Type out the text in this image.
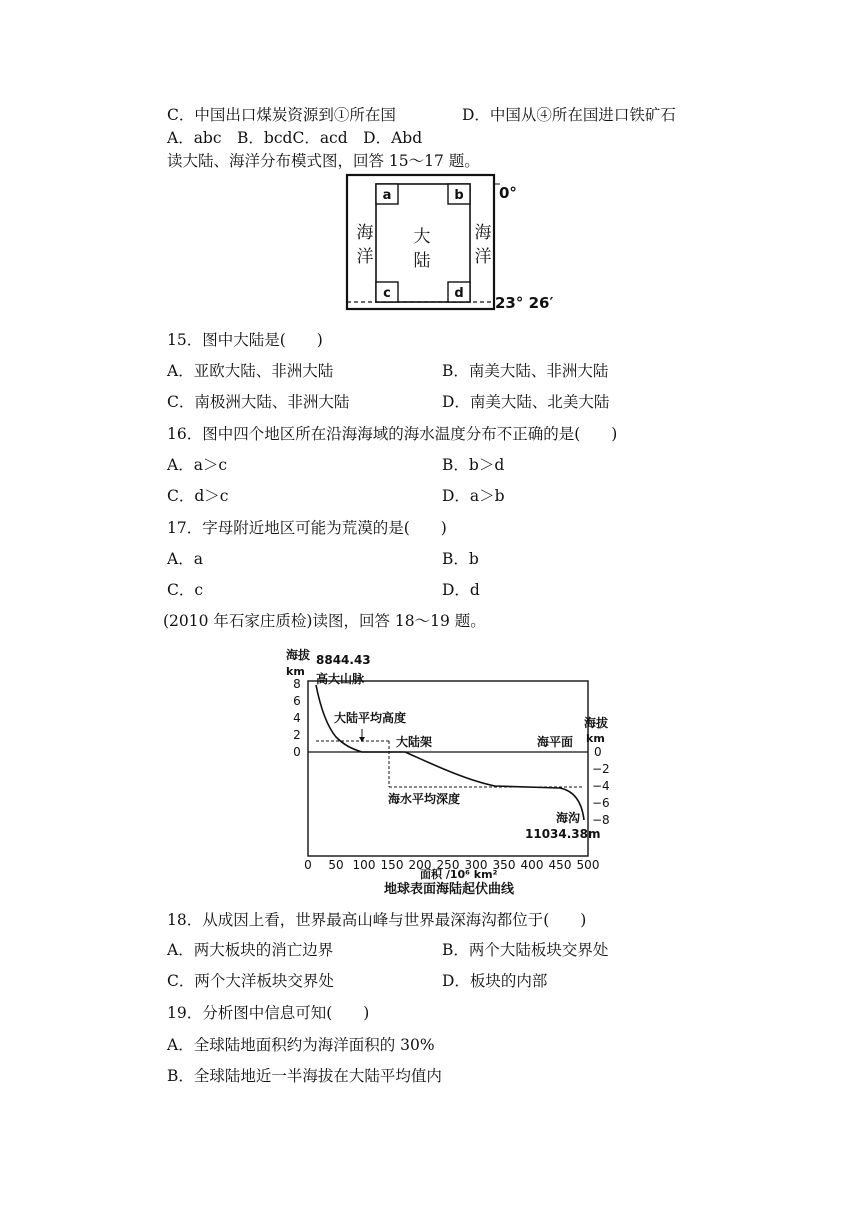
C．中国出口煤炭资源到①所在国	D．中国从④所在国进口铁矿石
A．abc　B．bcdC．acd　D．Abd
读大陆、海洋分布模式图，回答 15～17 题。
a	b
c	d
海
洋
大
陆
海
洋
0°
23° 26′
15．图中大陆是(　　)
A．亚欧大陆、非洲大陆	B．南美大陆、非洲大陆
C．南极洲大陆、非洲大陆	D．南美大陆、北美大陆
16．图中四个地区所在沿海海域的海水温度分布不正确的是(　　)
A．a＞c	B．b＞d
C．d＞c	D．a＞b
17．字母附近地区可能为荒漠的是(　　)
A．a	B．b
C．c	D．d
(2010 年石家庄质检)读图，回答 18～19 题。
8
6
4
2
0	0
−2
−4
−6
−8
0 50 100 150 200 250 300 350 400 450 500
海拔
km
8844.43
高大山脉
大陆平均高度
大陆架	海平面
海拔
km
海水平均深度
海沟
11034.38m
面积 /10⁶ km²
地球表面海陆起伏曲线
18．从成因上看，世界最高山峰与世界最深海沟都位于(　　)
A．两大板块的消亡边界	B．两个大陆板块交界处
C．两个大洋板块交界处	D．板块的内部
19．分析图中信息可知(　　)
A．全球陆地面积约为海洋面积的 30%
B．全球陆地近一半海拔在大陆平均值内
